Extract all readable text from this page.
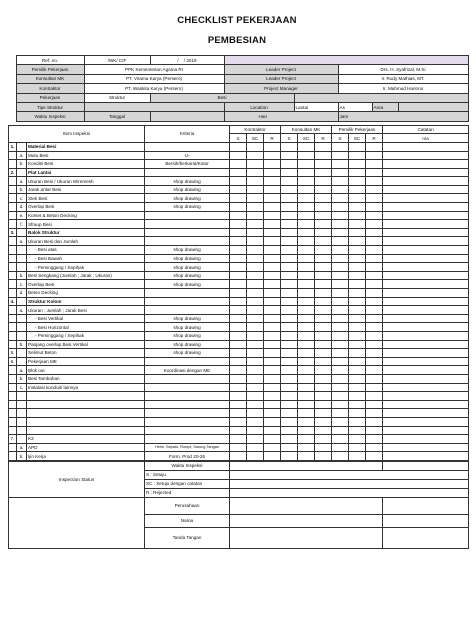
CHECKLIST PEKERJAAN
PEMBESIAN
	Ref. no.	/WK/ CIF	/ / 2019					
	Pemilik Pekerjaan	PPK Kementerian Agama RI		Leader Project		Drs. H. Syafrizal, M.Si		
	Konsultan MK	PT. Virama Karya (Persero)		Leader Project		Ir. Rudy Mathias, MT.		
	Kontraktor	PT. Waskita Karya (Persero)		Project Manager		Ir. Mahmud Hariono		
	Pekerjaan	Struktur	Besi					
	Tipe Struktur			Location	Lantai	As	Area	
	Waktu Inspeksi	Tanggal		Hari		Jam		
Item Inspeksi			Kriteria	Kontraktor			Konsultan MK			Pemilik Pekerjaan			Catatan
				S	SC	R	S	SC	R	S	SC	R	n/a
1.		Material Besi											
	a.	Mutu Besi	U-										
	b.	Kondisi Besi	Bersih/berkarat/Kotor										
2.		Plat Lantai											
	a.	Ukuran Besi / Ukuran Wiremesh	shop drawing										
	b.	Jarak antar Besi	shop drawing										
	c.	Stek Besi	shop drawing										
	d.	Overlap Besi	shop drawing										
	e.	Korset & Beton Decking											
	f.	Sfraup Besi											
3.		Balok Struktur											
	a.	Ukuran Besi dan Jumlah											
		- Besi atas	shop drawing										
		- Besi Bawah	shop drawing										
		- Peminggang / Sepihak	shop drawing										
	b.	Besi Sengkang (Jumlah ; Jarak ; Ukuran)	shop drawing										
	c.	Overlap Besi	shop drawing										
	d.	Beton Decking											
4.		Struktur Kolom											
	a.	Ukuran ; Jumlah ; Jarak Besi											
		- Besi Vertikal	shop drawing										
		- Besi Horizontal	shop drawing										
		- Peminggang / Sepihak	shop drawing										
	b.	Panjang overlap Besi Vertikal	shop drawing										
5.		Selimut Beton	shop drawing										
6.		Pekerjaan ME											
	a.	Blok out	Koordinasi dengan ME										
	b.	Besi Tambahan											
	c.	Instalasi konduit/ lainnya											

7.		K3											
	a.	APD	Helm, Sepatu, Rompi, Sarung Tangan										
	b.	Ijin Kerja	Form. Prod 20-26										
Inspection Status	Waktu Inspeksi		
	S : Setuju		
	SC : Setuju dengan catatan		
	R : Rejected		
	Perusahaan		
	Nama		
	Tanda Tangan		
